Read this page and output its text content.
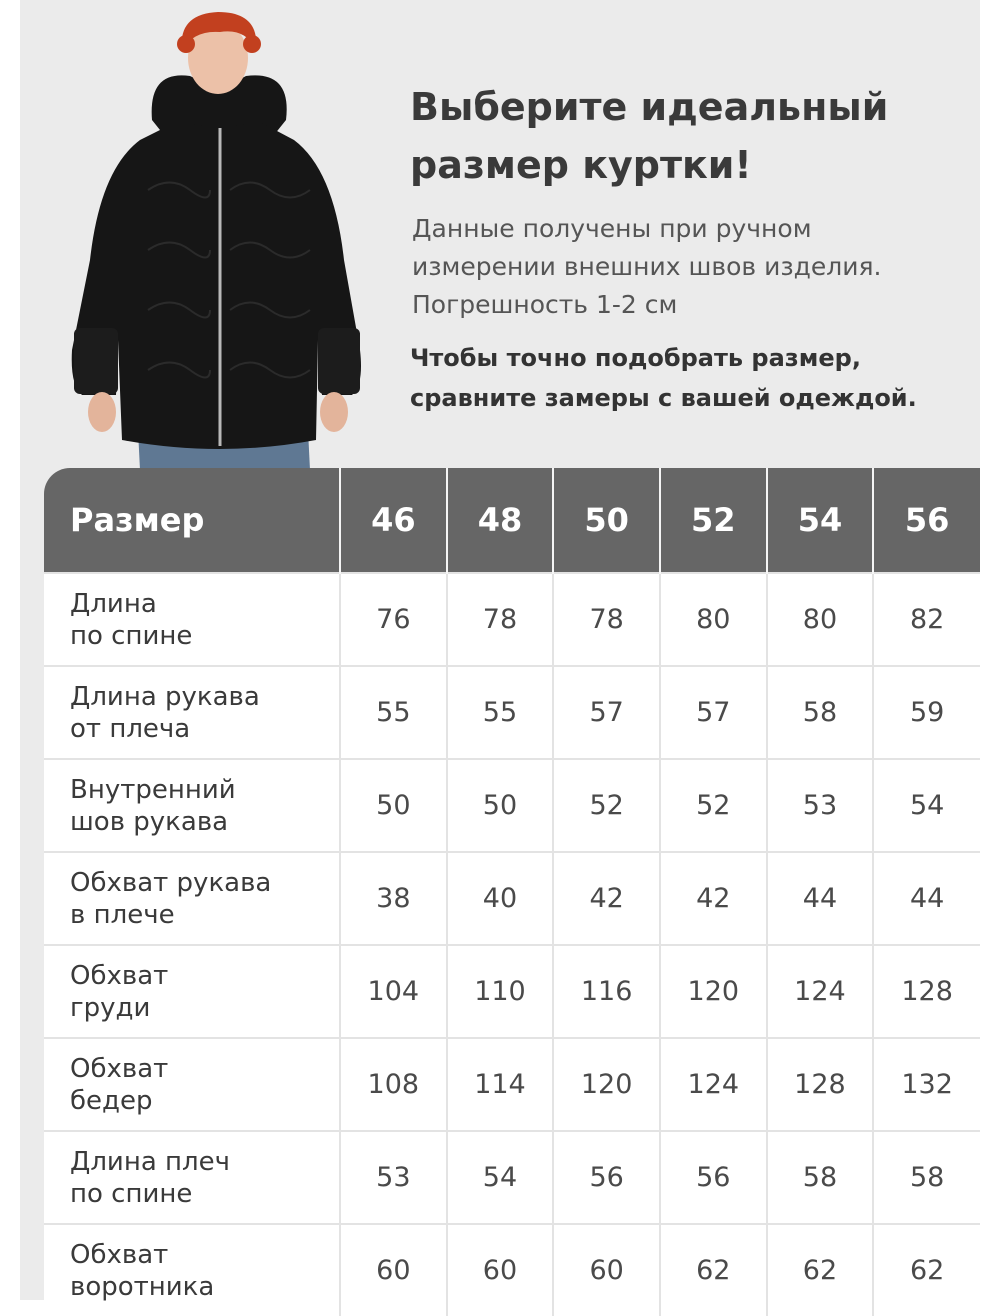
Выберите идеальный
размер куртки!

Данные получены при ручном
измерении внешних швов изделия.
Погрешность 1-2 см

Чтобы точно подобрать размер,
сравните замеры с вашей одеждой.

Размер	46	48	50	52	54	56

Длина
по спине	76	78	78	80	80	82

Длина рукава
от плеча	55	55	57	57	58	59

Внутренний
шов рукава	50	50	52	52	53	54

Обхват рукава
в плече	38	40	42	42	44	44

Обхват
груди	104	110	116	120	124	128

Обхват
бедер	108	114	120	124	128	132

Длина плеч
по спине	53	54	56	56	58	58

Обхват
воротника	60	60	60	62	62	62
